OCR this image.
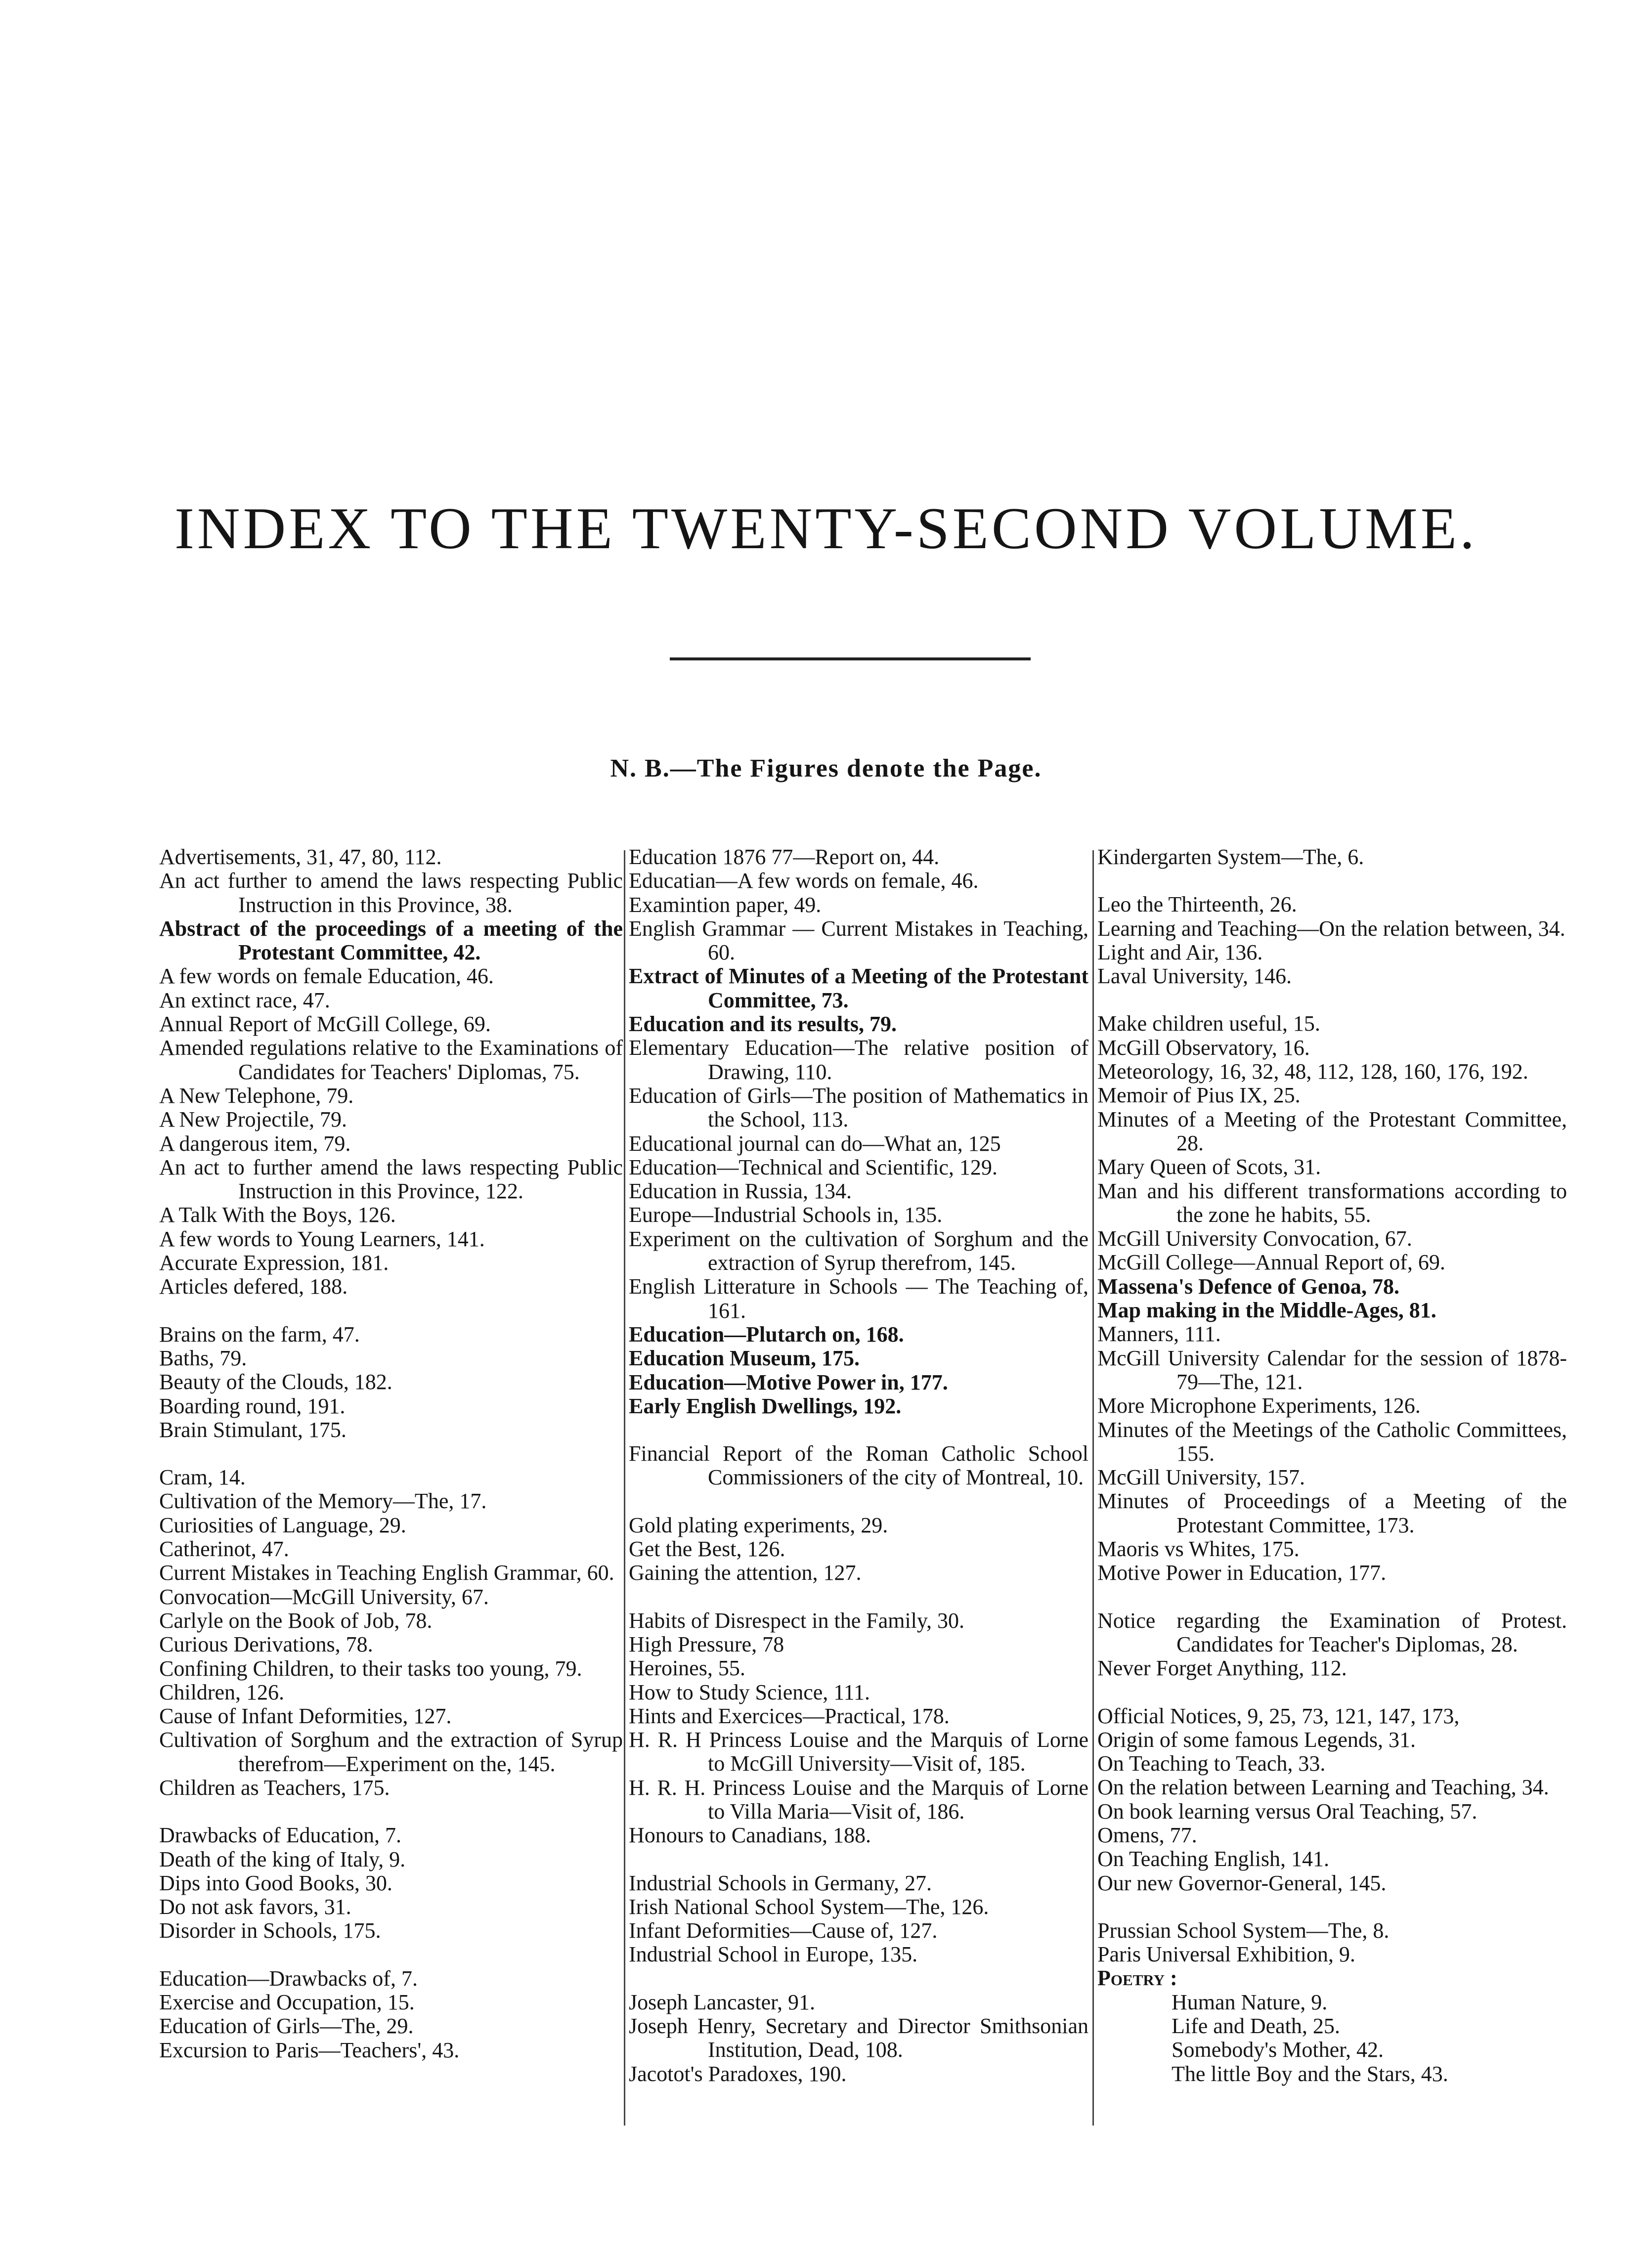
INDEX TO THE TWENTY-SECOND VOLUME.
N. B.—The Figures denote the Page.

Advertisements, 31, 47, 80, 112.

An act further to amend the laws respecting Public Instruction in this Province, 38.

Abstract of the proceedings of a meeting of the Protestant Committee, 42.

A few words on female Education, 46.

An extinct race, 47.

Annual Report of McGill College, 69.

Amended regulations relative to the Examinations of Candidates for Teachers' Diplomas, 75.

A New Telephone, 79.

A New Projectile, 79.

A dangerous item, 79.

An act to further amend the laws respecting Public Instruction in this Province, 122.

A Talk With the Boys, 126.

A few words to Young Learners, 141.

Accurate Expression, 181.

Articles defered, 188.

Brains on the farm, 47.

Baths, 79.

Beauty of the Clouds, 182.

Boarding round, 191.

Brain Stimulant, 175.

Cram, 14.

Cultivation of the Memory—The, 17.

Curiosities of Language, 29.

Catherinot, 47.

Current Mistakes in Teaching English Grammar, 60.

Convocation—McGill University, 67.

Carlyle on the Book of Job, 78.

Curious Derivations, 78.

Confining Children, to their tasks too young, 79.

Children, 126.

Cause of Infant Deformities, 127.

Cultivation of Sorghum and the extraction of Syrup therefrom—Experiment on the, 145.

Children as Teachers, 175.

Drawbacks of Education, 7.

Death of the king of Italy, 9.

Dips into Good Books, 30.

Do not ask favors, 31.

Disorder in Schools, 175.

Education—Drawbacks of, 7.

Exercise and Occupation, 15.

Education of Girls—The, 29.

Excursion to Paris—Teachers', 43.

Education 1876 77—Report on, 44.

Educatian—A few words on female, 46.

Examintion paper, 49.

English Grammar — Current Mistakes in Teaching, 60.

Extract of Minutes of a Meeting of the Protestant Committee, 73.

Education and its results, 79.

Elementary Education—The relative position of Drawing, 110.

Education of Girls—The position of Mathematics in the School, 113.

Educational journal can do—What an, 125

Education—Technical and Scientific, 129.

Education in Russia, 134.

Europe—Industrial Schools in, 135.

Experiment on the cultivation of Sorghum and the extraction of Syrup therefrom, 145.

English Litterature in Schools — The Teaching of, 161.

Education—Plutarch on, 168.

Education Museum, 175.

Education—Motive Power in, 177.

Early English Dwellings, 192.

Financial Report of the Roman Catholic School Commissioners of the city of Montreal, 10.

Gold plating experiments, 29.

Get the Best, 126.

Gaining the attention, 127.

Habits of Disrespect in the Family, 30.

High Pressure, 78

Heroines, 55.

How to Study Science, 111.

Hints and Exercices—Practical, 178.

H. R. H Princess Louise and the Marquis of Lorne to McGill University—Visit of, 185.

H. R. H. Princess Louise and the Marquis of Lorne to Villa Maria—Visit of, 186.

Honours to Canadians, 188.

Industrial Schools in Germany, 27.

Irish National School System—The, 126.

Infant Deformities—Cause of, 127.

Industrial School in Europe, 135.

Joseph Lancaster, 91.

Joseph Henry, Secretary and Director Smithsonian Institution, Dead, 108.

Jacotot's Paradoxes, 190.

Kindergarten System—The, 6.

Leo the Thirteenth, 26.

Learning and Teaching—On the relation between, 34.

Light and Air, 136.

Laval University, 146.

Make children useful, 15.

McGill Observatory, 16.

Meteorology, 16, 32, 48, 112, 128, 160, 176, 192.

Memoir of Pius IX, 25.

Minutes of a Meeting of the Protestant Committee, 28.

Mary Queen of Scots, 31.

Man and his different transformations according to the zone he habits, 55.

McGill University Convocation, 67.

McGill College—Annual Report of, 69.

Massena's Defence of Genoa, 78.

Map making in the Middle-Ages, 81.

Manners, 111.

McGill University Calendar for the session of 1878-79—The, 121.

More Microphone Experiments, 126.

Minutes of the Meetings of the Catholic Committees, 155.

McGill University, 157.

Minutes of Proceedings of a Meeting of the Protestant Committee, 173.

Maoris vs Whites, 175.

Motive Power in Education, 177.

Notice regarding the Examination of Protest. Candidates for Teacher's Diplomas, 28.

Never Forget Anything, 112.

Official Notices, 9, 25, 73, 121, 147, 173,

Origin of some famous Legends, 31.

On Teaching to Teach, 33.

On the relation between Learning and Teaching, 34.

On book learning versus Oral Teaching, 57.

Omens, 77.

On Teaching English, 141.

Our new Governor-General, 145.

Prussian School System—The, 8.

Paris Universal Exhibition, 9.

Poetry :

Human Nature, 9.

Life and Death, 25.

Somebody's Mother, 42.

The little Boy and the Stars, 43.
